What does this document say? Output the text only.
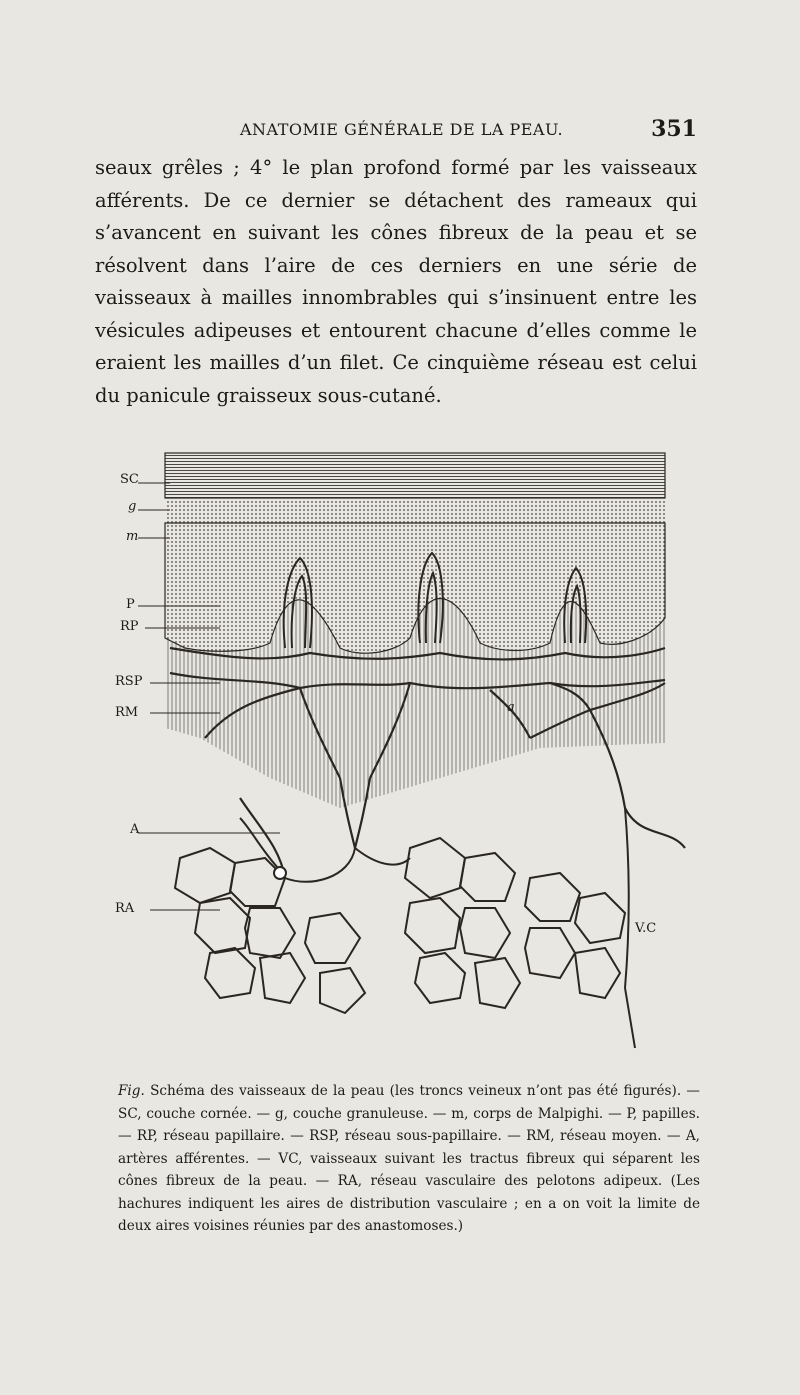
ANATOMIE GÉNÉRALE DE LA PEAU.	351

seaux grêles ; 4° le plan profond formé par les vaisseaux afférents. De ce dernier se détachent des rameaux qui s’avancent en suivant les cônes fibreux de la peau et se résolvent dans l’aire de ces derniers en une série de vaisseaux à mailles innombrables qui s’insinuent entre les vésicules adipeuses et entourent chacune d’elles comme le eraient les mailles d’un filet. Ce cinquième réseau est celui du panicule graisseux sous-cutané.

a
SC
g
m
P
RP
RSP
RM
A
RA
V.C
Fig. Schéma des vaisseaux de la peau (les troncs veineux n’ont pas été figurés). — SC, couche cornée. — g, couche granuleuse. — m, corps de Malpighi. — P, papilles. — RP, réseau papillaire. — RSP, réseau sous-papillaire. — RM, réseau moyen. — A, artères afférentes. — VC, vaisseaux suivant les tractus fibreux qui séparent les cônes fibreux de la peau. — RA, réseau vasculaire des pelotons adipeux. (Les hachures indiquent les aires de distribution vasculaire ; en a on voit la limite de deux aires voisines réunies par des anastomoses.)
